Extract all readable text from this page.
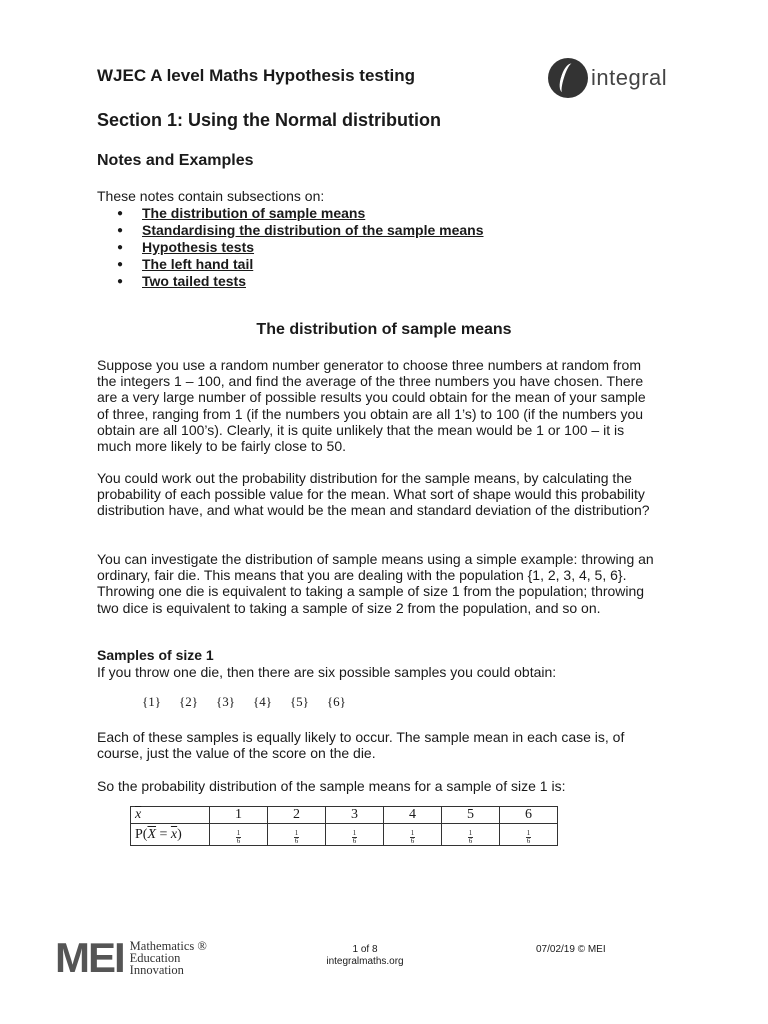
WJEC A level Maths Hypothesis testing	integral
Section 1: Using the Normal distribution
Notes and Examples
These notes contain subsections on:
●	The distribution of sample means
●	Standardising the distribution of the sample means
●	Hypothesis tests
●	The left hand tail
●	Two tailed tests
The distribution of sample means

Suppose you use a random number generator to choose three numbers at random from the integers 1 – 100, and find the average of the three numbers you have chosen. There are a very large number of possible results you could obtain for the mean of your sample of three, ranging from 1 (if the numbers you obtain are all 1’s) to 100 (if the numbers you obtain are all 100’s). Clearly, it is quite unlikely that the mean would be 1 or 100 – it is much more likely to be fairly close to 50.

You could work out the probability distribution for the sample means, by calculating the probability of each possible value for the mean. What sort of shape would this probability distribution have, and what would be the mean and standard deviation of the distribution?

You can investigate the distribution of sample means using a simple example: throwing an ordinary, fair die. This means that you are dealing with the population {1, 2, 3, 4, 5, 6}. Throwing one die is equivalent to taking a sample of size 1 from the population; throwing two dice is equivalent to taking a sample of size 2 from the population, and so on.

Samples of size 1

If you throw one die, then there are six possible samples you could obtain:

{1} {2} {3} {4} {5} {6}

Each of these samples is equally likely to occur. The sample mean in each case is, of course, just the value of the score on the die.

So the probability distribution of the sample means for a sample of size 1 is:

$\overline{x}$	1	2	3	4	5	6
$P(\overline{X} = \overline{x})$	$\frac{1}{6}$	$\frac{1}{6}$	$\frac{1}{6}$	$\frac{1}{6}$	$\frac{1}{6}$	$\frac{1}{6}$
MEI Mathematics ®
Education
Innovation
1 of 8
integralmaths.org
07/02/19 © MEI
